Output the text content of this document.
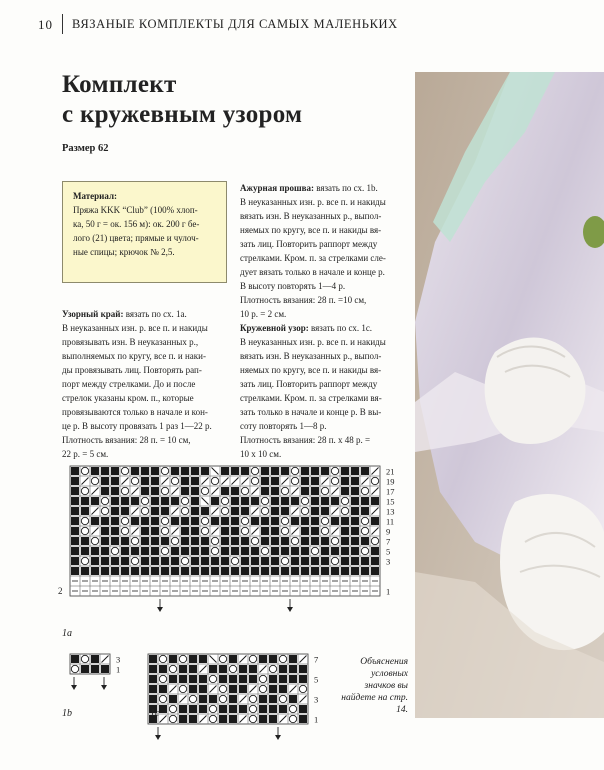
10 ВЯЗАНЫЕ КОМПЛЕКТЫ ДЛЯ САМЫХ МАЛЕНЬКИХ
Комплект
с кружевным узором
Размер 62
Материал:
Пряжа KKK “Club” (100% хлоп-
ка, 50 г = ок. 156 м): ок. 200 г бе-
лого (21) цвета; прямые и чулоч-
ные спицы; крючок № 2,5.

Узорный край: вязать по сх. 1а.

В неуказанных изн. р. все п. и накиды

провязывать изн. В неуказанных р.,

выполняемых по кругу, все п. и наки-

ды провязывать лиц. Повторять рап-

порт между стрелками. До и после

стрелок указаны кром. п., которые

провязываются только в начале и кон-

це р. В высоту провязать 1 раз 1—22 р.

Плотность вязания: 28 п. = 10 см,

22 р. = 5 см.

Ажурная прошва: вязать по сх. 1b.

В неуказанных изн. р. все п. и накиды

вязать изн. В неуказанных р., выпол-

няемых по кругу, все п. и накиды вя-

зать лиц. Повторить раппорт между

стрелками. Кром. п. за стрелками сле-

дует вязать только в начале и конце р.

В высоту повторять 1—4 р.

Плотность вязания: 28 п. =10 см,

10 р. = 2 см.

Кружевной узор: вязать по сх. 1c.

В неуказанных изн. р. все п. и накиды

вязать изн. В неуказанных р., выпол-

няемых по кругу, все п. и накиды вя-

зать лиц. Повторить раппорт между

стрелками. Кром. п. за стрелками вя-

зать только в начале и конце р. В вы-

соту повторять 1—8 р.

Плотность вязания: 28 п. х 48 р. =

10 х 10 см.

21
19
17
15
13
11
9
7
5
3
1
2
1a
3
1
1b
7
5
3
1
1c
Объяснения условных значков вы найдете на стр. 14.
